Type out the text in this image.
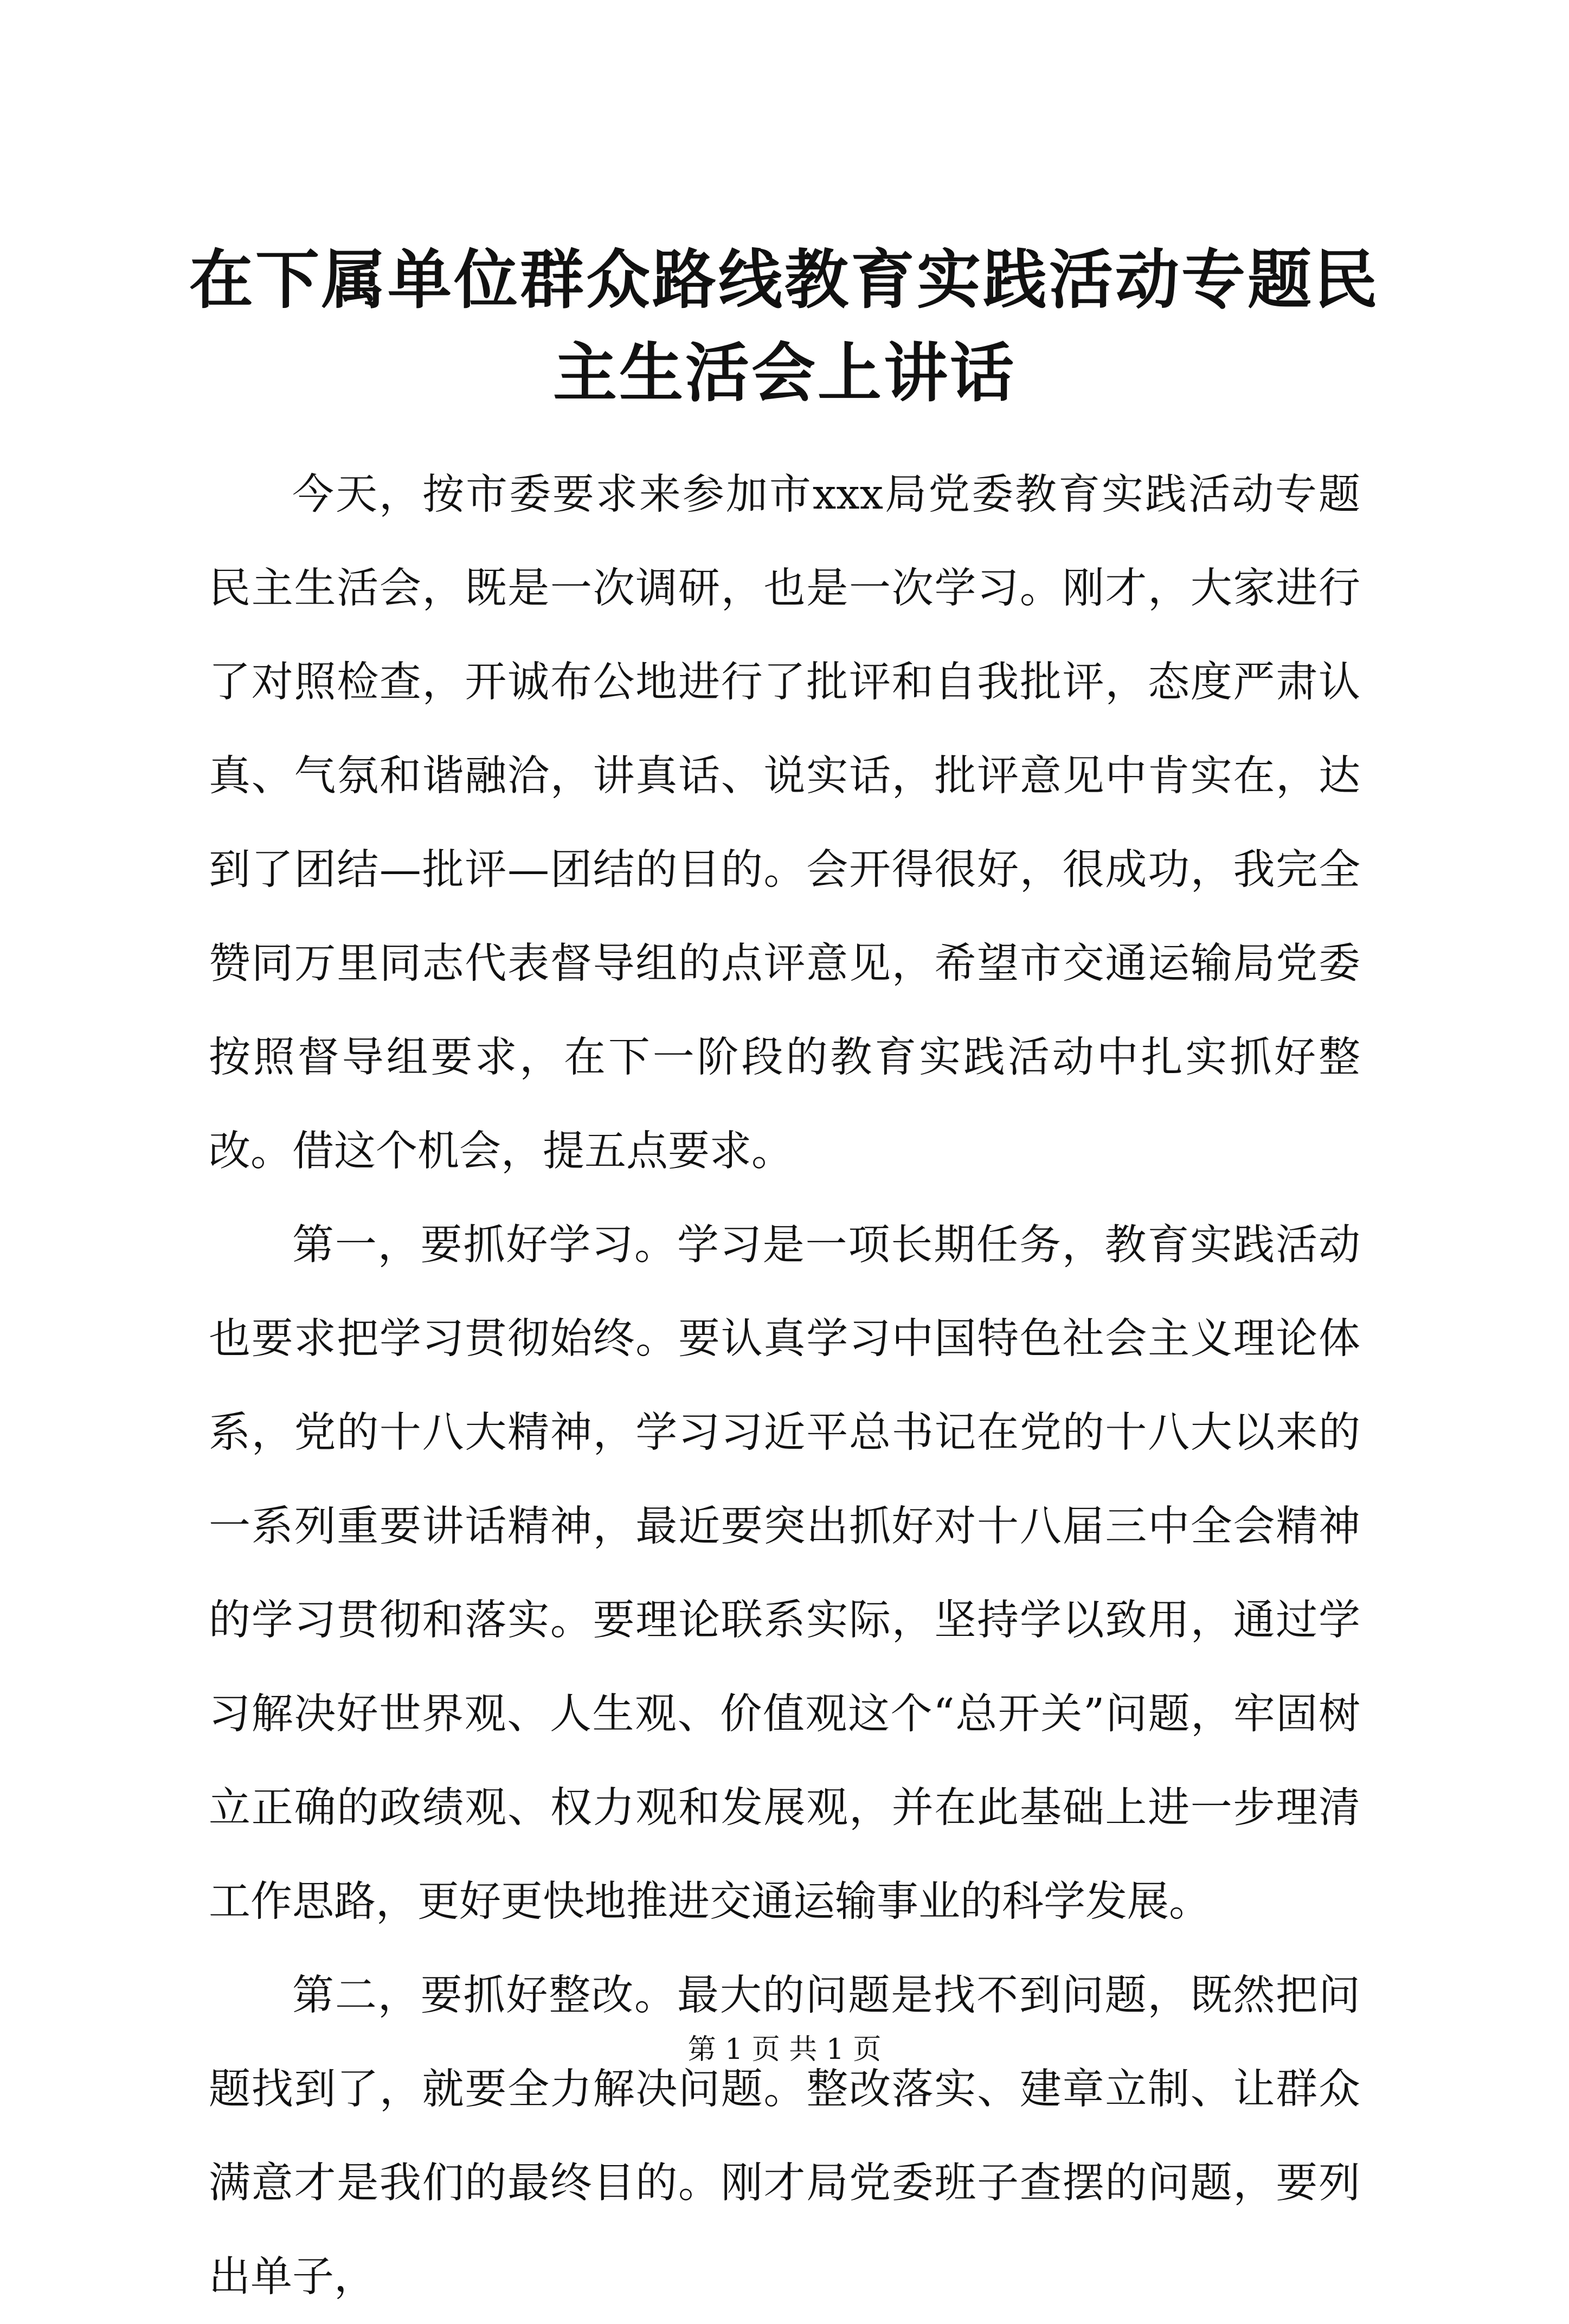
在下属单位群众路线教育实践活动专题民主生活会上讲话

今天，按市委要求来参加市xxx局党委教育实践活动专题民主生活会，既是一次调研，也是一次学习。刚才，大家进行了对照检查，开诚布公地进行了批评和自我批评，态度严肃认真、气氛和谐融洽，讲真话、说实话，批评意见中肯实在，达到了团结—批评—团结的目的。会开得很好，很成功，我完全赞同万里同志代表督导组的点评意见，希望市交通运输局党委按照督导组要求，在下一阶段的教育实践活动中扎实抓好整改。借这个机会，提五点要求。

第一，要抓好学习。学习是一项长期任务，教育实践活动也要求把学习贯彻始终。要认真学习中国特色社会主义理论体系，党的十八大精神，学习习近平总书记在党的十八大以来的一系列重要讲话精神，最近要突出抓好对十八届三中全会精神的学习贯彻和落实。要理论联系实际，坚持学以致用，通过学习解决好世界观、人生观、价值观这个“总开关”问题，牢固树立正确的政绩观、权力观和发展观，并在此基础上进一步理清工作思路，更好更快地推进交通运输事业的科学发展。

第二，要抓好整改。最大的问题是找不到问题，既然把问题找到了，就要全力解决问题。整改落实、建章立制、让群众满意才是我们的最终目的。刚才局党委班子查摆的问题，要列出单子，

第 1 页 共 1 页
